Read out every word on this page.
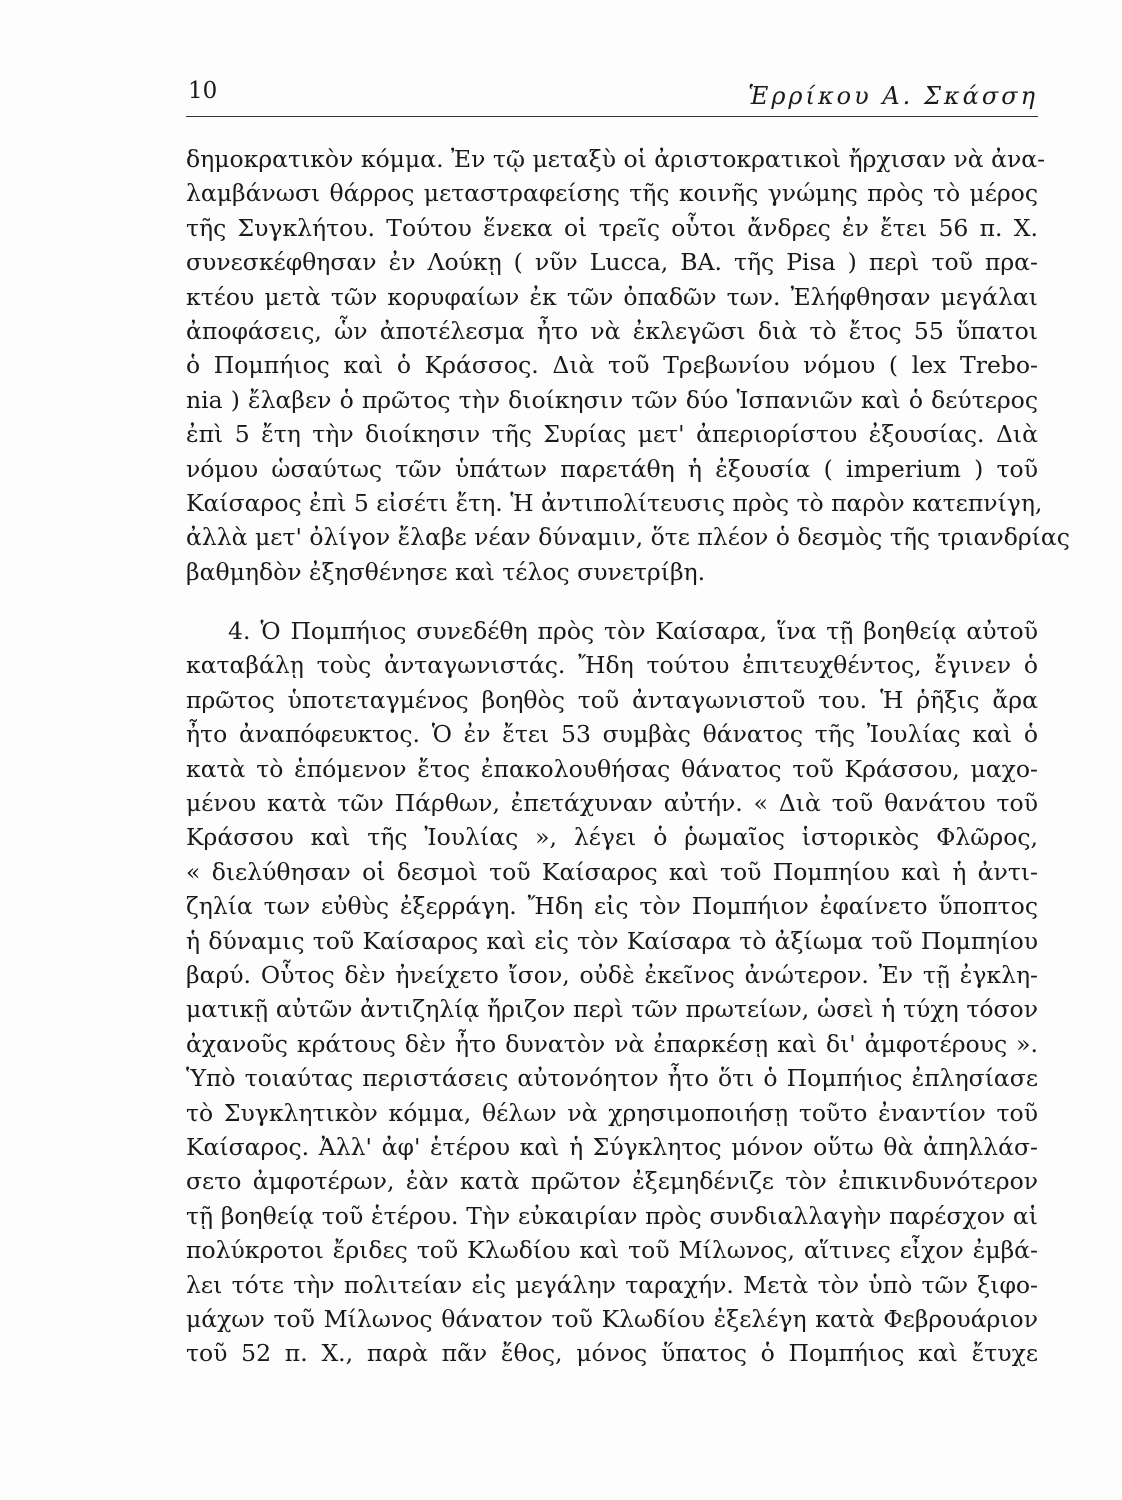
10	Ἑρρίκου Α. Σκάσση
δημοκρατικὸν κόμμα. Ἐν τῷ μεταξὺ οἱ ἀριστοκρατικοὶ ἤρχισαν νὰ ἀνα-
λαμβάνωσι θάρρος μεταστραφείσης τῆς κοινῆς γνώμης πρὸς τὸ μέρος
τῆς Συγκλήτου. Τούτου ἕνεκα οἱ τρεῖς οὗτοι ἄνδρες ἐν ἔτει 56 π. Χ.
συνεσκέφθησαν ἐν Λούκῃ ( νῦν Lucca, ΒΑ. τῆς Pisa ) περὶ τοῦ πρα-
κτέου μετὰ τῶν κορυφαίων ἐκ τῶν ὀπαδῶν των. Ἐλήφθησαν μεγάλαι
ἀποφάσεις, ὧν ἀποτέλεσμα ἦτο νὰ ἐκλεγῶσι διὰ τὸ ἔτος 55 ὕπατοι
ὁ Πομπήιος καὶ ὁ Κράσσος. Διὰ τοῦ Τρεβωνίου νόμου ( lex Trebo-
nia ) ἔλαβεν ὁ πρῶτος τὴν διοίκησιν τῶν δύο Ἱσπανιῶν καὶ ὁ δεύτερος
ἐπὶ 5 ἔτη τὴν διοίκησιν τῆς Συρίας μετ' ἀπεριορίστου ἐξουσίας. Διὰ
νόμου ὡσαύτως τῶν ὑπάτων παρετάθη ἡ ἐξουσία ( imperium ) τοῦ
Καίσαρος ἐπὶ 5 εἰσέτι ἔτη. Ἡ ἀντιπολίτευσις πρὸς τὸ παρὸν κατεπνίγη,
ἀλλὰ μετ' ὀλίγον ἔλαβε νέαν δύναμιν, ὅτε πλέον ὁ δεσμὸς τῆς τριανδρίας
βαθμηδὸν ἐξησθένησε καὶ τέλος συνετρίβη.
4. Ὁ Πομπήιος συνεδέθη πρὸς τὸν Καίσαρα, ἵνα τῇ βοηθείᾳ αὐτοῦ
καταβάλῃ τοὺς ἀνταγωνιστάς. Ἤδη τούτου ἐπιτευχθέντος, ἔγινεν ὁ
πρῶτος ὑποτεταγμένος βοηθὸς τοῦ ἀνταγωνιστοῦ του. Ἡ ῥῆξις ἄρα
ἦτο ἀναπόφευκτος. Ὁ ἐν ἔτει 53 συμβὰς θάνατος τῆς Ἰουλίας καὶ ὁ
κατὰ τὸ ἑπόμενον ἔτος ἐπακολουθήσας θάνατος τοῦ Κράσσου, μαχο-
μένου κατὰ τῶν Πάρθων, ἐπετάχυναν αὐτήν. « Διὰ τοῦ θανάτου τοῦ
Κράσσου καὶ τῆς Ἰουλίας », λέγει ὁ ῥωμαῖος ἱστορικὸς Φλῶρος,
« διελύθησαν οἱ δεσμοὶ τοῦ Καίσαρος καὶ τοῦ Πομπηίου καὶ ἡ ἀντι-
ζηλία των εὐθὺς ἐξερράγη. Ἤδη εἰς τὸν Πομπήιον ἐφαίνετο ὕποπτος
ἡ δύναμις τοῦ Καίσαρος καὶ εἰς τὸν Καίσαρα τὸ ἀξίωμα τοῦ Πομπηίου
βαρύ. Οὗτος δὲν ἠνείχετο ἴσον, οὐδὲ ἐκεῖνος ἀνώτερον. Ἐν τῇ ἐγκλη-
ματικῇ αὐτῶν ἀντιζηλίᾳ ἤριζον περὶ τῶν πρωτείων, ὡσεὶ ἡ τύχη τόσον
ἀχανοῦς κράτους δὲν ἦτο δυνατὸν νὰ ἐπαρκέσῃ καὶ δι' ἀμφοτέρους ».
Ὑπὸ τοιαύτας περιστάσεις αὐτονόητον ἦτο ὅτι ὁ Πομπήιος ἐπλησίασε
τὸ Συγκλητικὸν κόμμα, θέλων νὰ χρησιμοποιήσῃ τοῦτο ἐναντίον τοῦ
Καίσαρος. Ἀλλ' ἀφ' ἑτέρου καὶ ἡ Σύγκλητος μόνον οὕτω θὰ ἀπηλλάσ-
σετο ἀμφοτέρων, ἐὰν κατὰ πρῶτον ἐξεμηδένιζε τὸν ἐπικινδυνότερον
τῇ βοηθείᾳ τοῦ ἑτέρου. Τὴν εὐκαιρίαν πρὸς συνδιαλλαγὴν παρέσχον αἱ
πολύκροτοι ἔριδες τοῦ Κλωδίου καὶ τοῦ Μίλωνος, αἵτινες εἶχον ἐμβά-
λει τότε τὴν πολιτείαν εἰς μεγάλην ταραχήν. Μετὰ τὸν ὑπὸ τῶν ξιφο-
μάχων τοῦ Μίλωνος θάνατον τοῦ Κλωδίου ἐξελέγη κατὰ Φεβρουάριον
τοῦ 52 π. Χ., παρὰ πᾶν ἔθος, μόνος ὕπατος ὁ Πομπήιος καὶ ἔτυχε
